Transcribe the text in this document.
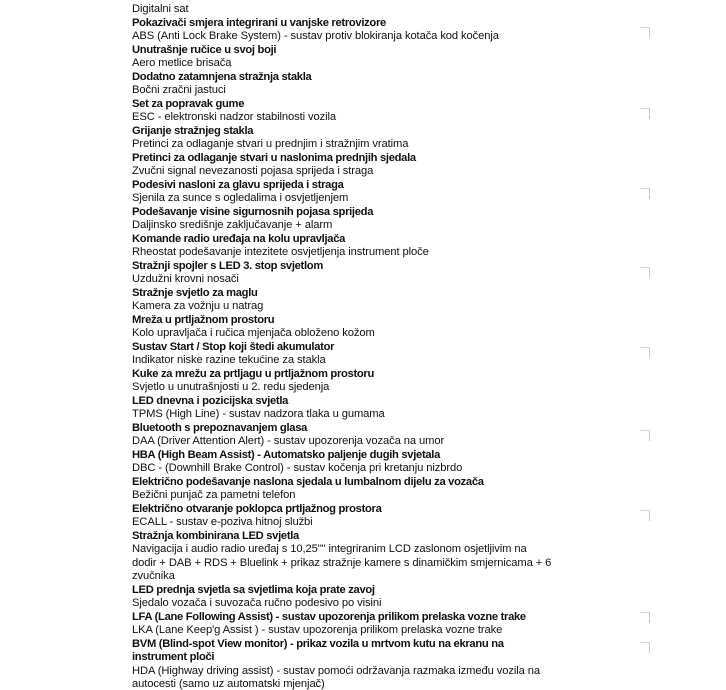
Digitalni sat
Pokazivači smjera integrirani u vanjske retrovizore
ABS (Anti Lock Brake System) - sustav protiv blokiranja kotača kod kočenja
Unutrašnje ručice u svoj boji
Aero metlice brisača
Dodatno zatamnjena stražnja stakla
Bočni zračni jastuci
Set za popravak gume
ESC - elektronski nadzor stabilnosti vozila
Grijanje stražnjeg stakla
Pretinci za odlaganje stvari u prednjim i stražnjim vratima
Pretinci za odlaganje stvari u naslonima prednjih sjedala
Zvučni signal nevezanosti pojasa sprijeda i straga
Podesivi nasloni za glavu sprijeda i straga
Sjenila za sunce s ogledalima i osvjetljenjem
Podešavanje visine sigurnosnih pojasa sprijeda
Daljinsko središnje zaključavanje + alarm
Komande radio uređaja na kolu upravljača
Rheostat podešavanje intezitete osvjetljenja instrument ploče
Stražnji spojler s LED 3. stop svjetlom
Uzdužni krovni nosači
Stražnje svjetlo za maglu
Kamera za vožnju u natrag
Mreža u prtljažnom prostoru
Kolo upravljača i ručica mjenjača obloženo kožom
Sustav Start / Stop koji štedi akumulator
Indikator niske razine tekućine za stakla
Kuke za mrežu za prtljagu u prtljažnom prostoru
Svjetlo u unutrašnjosti u 2. redu sjedenja
LED dnevna i pozicijska svjetla
TPMS (High Line) - sustav nadzora tlaka u gumama
Bluetooth s prepoznavanjem glasa
DAA (Driver Attention Alert) - sustav upozorenja vozača na umor
HBA (High Beam Assist) - Automatsko paljenje dugih svjetala
DBC - (Downhill Brake Control) - sustav kočenja pri kretanju nizbrdo
Električno podešavanje naslona sjedala u lumbalnom dijelu za vozača
Bežični punjač za pametni telefon
Električno otvaranje poklopca prtljažnog prostora
ECALL - sustav e-poziva hitnoj službi
Stražnja kombinirana LED svjetla
Navigacija i audio radio uređaj s 10,25"" integriranim LCD zaslonom osjetljivim na dodir + DAB + RDS + Bluelink + prikaz stražnje kamere s dinamičkim smjernicama + 6 zvučnika
LED prednja svjetla sa svjetlima koja prate zavoj
Sjedalo vozača i suvozača ručno podesivo po visini
LFA (Lane Following Assist) - sustav upozorenja prilikom prelaska vozne trake
LKA (Lane Keep'g Assist ) - sustav upozorenja prilikom prelaska vozne trake
BVM (Blind-spot View monitor) - prikaz vozila u mrtvom kutu na ekranu na instrument ploči
HDA (Highway driving assist) - sustav pomoći održavanja razmaka između vozila na autocesti (samo uz automatski mjenjač)
